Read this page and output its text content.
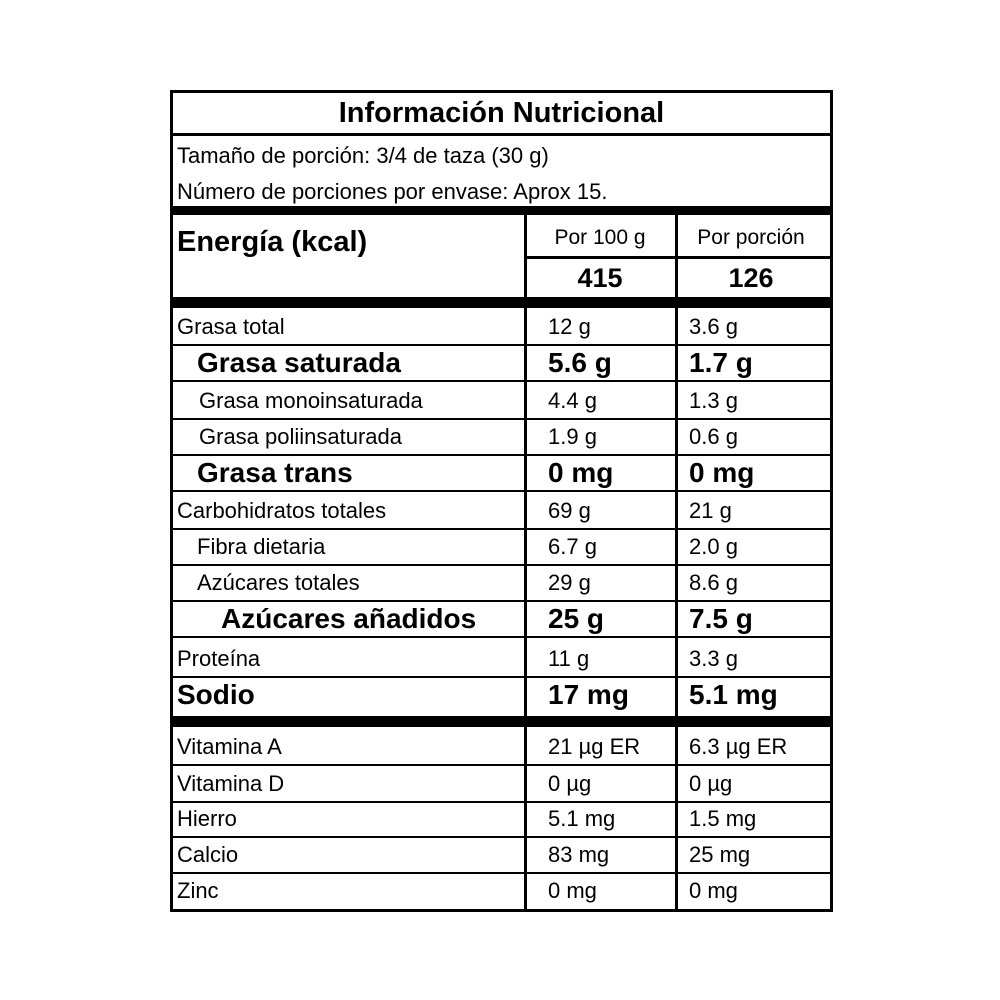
Información Nutricional
Tamaño de porción: 3/4 de taza (30 g)
Número de porciones por envase: Aprox 15.
Energía (kcal)	Por 100 g	Por porción
415	126
Grasa total	12 g	3.6 g
Grasa saturada	5.6 g	1.7 g
Grasa monoinsaturada	4.4 g	1.3 g
Grasa poliinsaturada	1.9 g	0.6 g
Grasa trans	0 mg	0 mg
Carbohidratos totales	69 g	21 g
Fibra dietaria	6.7 g	2.0 g
Azúcares totales	29 g	8.6 g
Azúcares añadidos	25 g	7.5 g
Proteína	11 g	3.3 g
Sodio	17 mg 5.1 mg
Vitamina A	21 µg ER 6.3 µg ER
Vitamina D	0 µg	0 µg
Hierro	5.1 mg	1.5 mg
Calcio	83 mg	25 mg
Zinc	0 mg	0 mg
